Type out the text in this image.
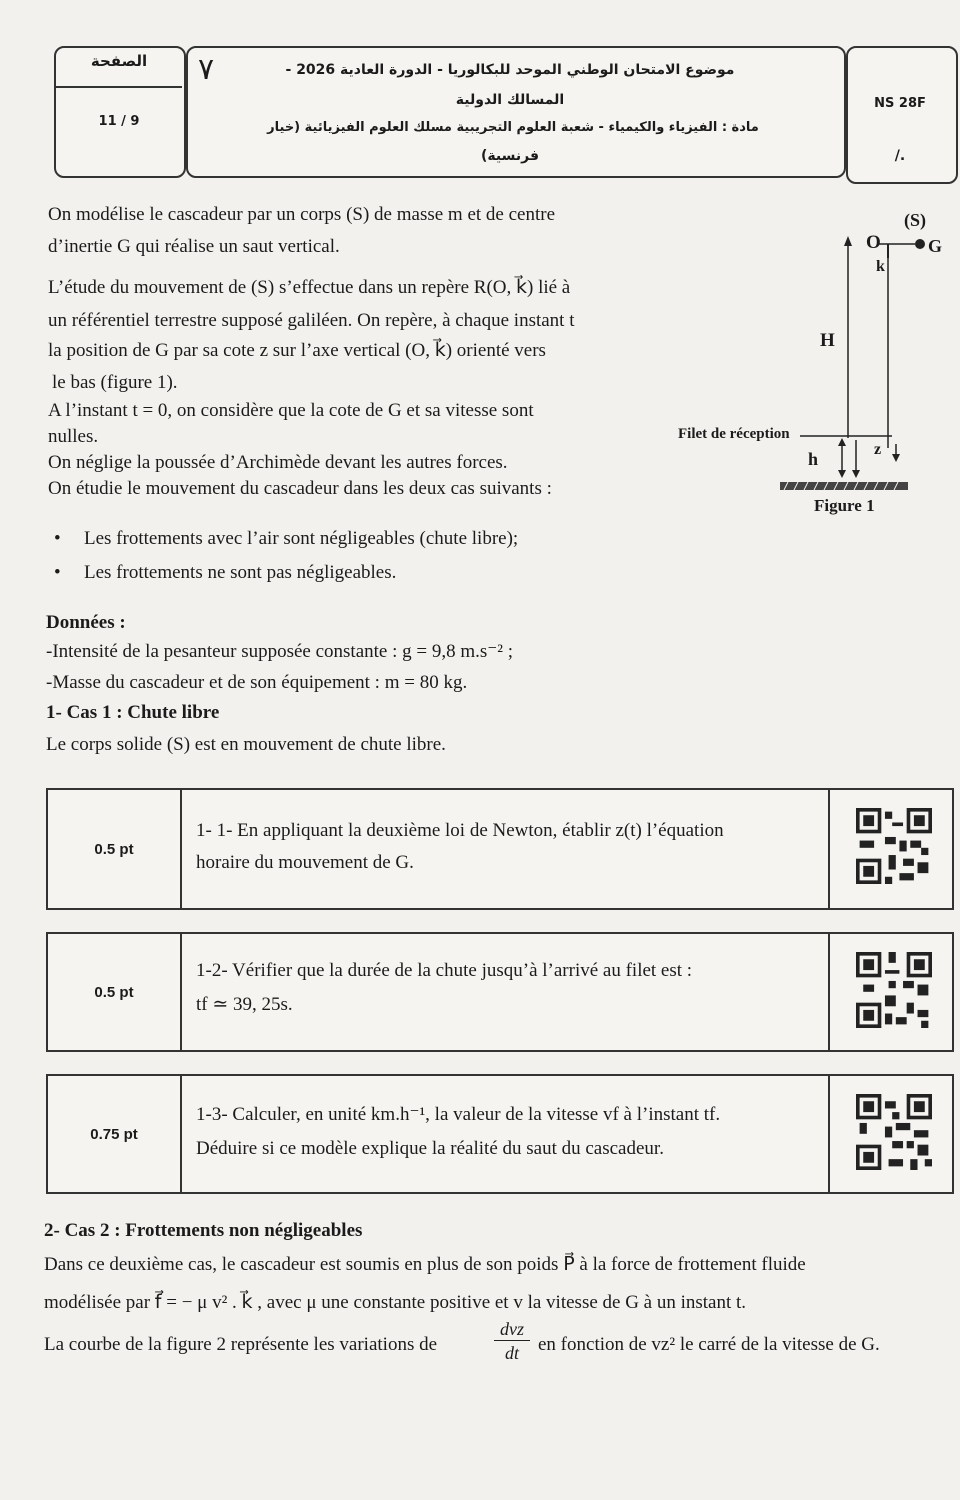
الصفحة
11 / 9
٧	موضوع الامتحان الوطني الموحد للبكالوريا - الدورة العادية 2026 -
المسالك الدولية
مادة : الفيزياء والكيمياء - شعبة العلوم التجريبية مسلك العلوم الفيزيائية (خيار
فرنسية)
NS 28F
/.
On modélise le cascadeur par un corps (S) de masse m et de centre
d’inertie G qui réalise un saut vertical.
L’étude du mouvement de (S) s’effectue dans un repère R(O, k⃗) lié à
un référentiel terrestre supposé galiléen. On repère, à chaque instant t
la position de G par sa cote z sur l’axe vertical (O, k⃗) orienté vers
le bas (figure 1).
A l’instant t = 0, on considère que la cote de G et sa vitesse sont
nulles.
On néglige la poussée d’Archimède devant les autres forces.
On étudie le mouvement du cascadeur dans les deux cas suivants :
(S)
G
O
k
H
Filet de réception
h	z
Figure 1
• Les frottements avec l’air sont négligeables (chute libre);
• Les frottements ne sont pas négligeables.
Données :
-Intensité de la pesanteur supposée constante : g = 9,8 m.s⁻² ;
-Masse du cascadeur et de son équipement : m = 80 kg.
1- Cas 1 : Chute libre
Le corps solide (S) est en mouvement de chute libre.
0.5 pt
1- 1- En appliquant la deuxième loi de Newton, établir z(t) l’équation
horaire du mouvement de G.
0.5 pt
1-2- Vérifier que la durée de la chute jusqu’à l’arrivé au filet est :
tf ≃ 39, 25s.
0.75 pt
1-3- Calculer, en unité km.h⁻¹, la valeur de la vitesse vf à l’instant tf.
Déduire si ce modèle explique la réalité du saut du cascadeur.
2- Cas 2 : Frottements non négligeables
Dans ce deuxième cas, le cascadeur est soumis en plus de son poids P⃗ à la force de frottement fluide
modélisée par f⃗ = − μ v² . k⃗ , avec μ une constante positive et v la vitesse de G à un instant t.
La courbe de la figure 2 représente les variations de
dvz
dt	en fonction de vz² le carré de la vitesse de G.
